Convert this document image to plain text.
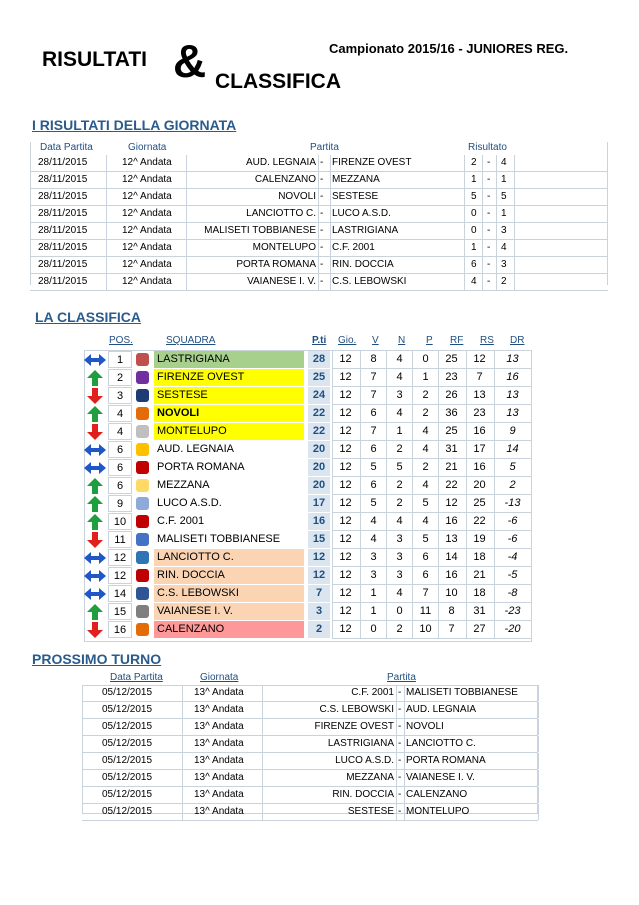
RISULTATI & CLASSIFICA
Campionato 2015/16 - JUNIORES REG.
I RISULTATI DELLA GIORNATA
Data Partita	Giornata	Partita	Risultato
28/11/2015	12^ Andata	AUD. LEGNAIA - FIRENZE OVEST	2 - 4
28/11/2015	12^ Andata	CALENZANO - MEZZANA	1 - 1
28/11/2015	12^ Andata	NOVOLI - SESTESE	5 - 5
28/11/2015	12^ Andata	LANCIOTTO C. - LUCO A.S.D.	0 - 1
28/11/2015	12^ Andata	MALISETI TOBBIANESE - LASTRIGIANA	0 - 3
28/11/2015	12^ Andata	MONTELUPO - C.F. 2001	1 - 4
28/11/2015	12^ Andata	PORTA ROMANA - RIN. DOCCIA	6 - 3
28/11/2015	12^ Andata	VAIANESE I. V. - C.S. LEBOWSKI	4 - 2
LA CLASSIFICA
POS.	SQUADRA	P.ti Gio. V N P RF RS DR
1	LASTRIGIANA	28	12	8	4	0	25	12	13
2	FIRENZE OVEST	25	12	7	4	1	23	7	16
3	SESTESE	24	12	7	3	2	26	13	13
4	NOVOLI	22	12	6	4	2	36	23	13
4	MONTELUPO	22	12	7	1	4	25	16	9
6	AUD. LEGNAIA	20	12	6	2	4	31	17	14
6	PORTA ROMANA	20	12	5	5	2	21	16	5
6	MEZZANA	20	12	6	2	4	22	20	2
9	LUCO A.S.D.	17	12	5	2	5	12	25	-13
10	C.F. 2001	16	12	4	4	4	16	22	-6
11	MALISETI TOBBIANESE	15	12	4	3	5	13	19	-6
12	LANCIOTTO C.	12	12	3	3	6	14	18	-4
12	RIN. DOCCIA	12	12	3	3	6	16	21	-5
14	C.S. LEBOWSKI	7	12	1	4	7	10	18	-8
15	VAIANESE I. V.	3	12	1	0	11	8	31	-23
16	CALENZANO	2	12	0	2	10	7	27	-20
PROSSIMO TURNO
Data Partita	Giornata	Partita
05/12/2015	13^ Andata	C.F. 2001 - MALISETI TOBBIANESE
05/12/2015	13^ Andata	C.S. LEBOWSKI - AUD. LEGNAIA
05/12/2015	13^ Andata	FIRENZE OVEST - NOVOLI
05/12/2015	13^ Andata	LASTRIGIANA - LANCIOTTO C.
05/12/2015	13^ Andata	LUCO A.S.D. - PORTA ROMANA
05/12/2015	13^ Andata	MEZZANA - VAIANESE I. V.
05/12/2015	13^ Andata	RIN. DOCCIA - CALENZANO
05/12/2015	13^ Andata	SESTESE - MONTELUPO
